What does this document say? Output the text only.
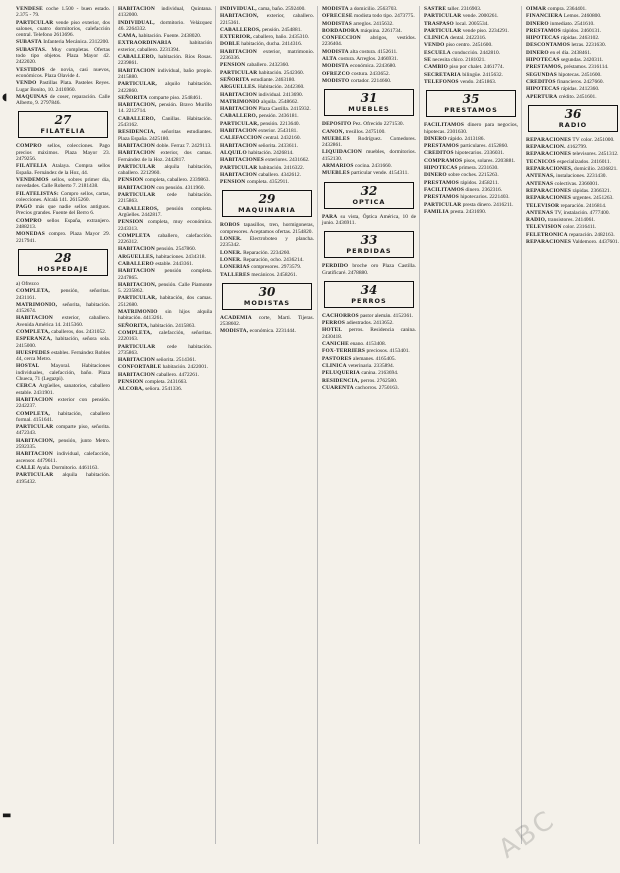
◖
▬
VENDESE coche 1.500 - buen estado. 2.375 - 79.
PARTICULAR vende piso exterior, dos salones, cuatro dormitorios, calefacción central. Telefono 2613696.
SUBASTA Infanteria Mecánica. 2312200.
SUBASTAS. Muy completas. Ofertas todo tipo objetos. Plaza Mayor 42. 2422020.
VESTIDOS de novia, casi nuevos, económicos. Plaza Olavide 4.
VENDO Pastillas Plata. Pasteles Reyes. Lugar Bonito, 10. 2416960.
MAQUINAS de coser, reparación. Calle Alberto, 9. 2797846.
27
FILATELIA
COMPRO sellos, colecciones. Pago precios máximos. Plaza Mayor 23. 2479256.
FILATELIA Atalaya. Compra sellos España. Fernández de la Hoz, 44.
VENDEMOS sellos, sobres primer día, novedades. Calle Roberto 7. 2181438.
FILATELISTAS: Compro sellos, cartas, colecciones. Alcalá 141. 2615260.
PAGO más que nadie sellos antiguos. Precios grandes. Fuente del Berro 6.
COMPRO sellos España, extranjero. 2488213.
MONEDAS compro. Plaza Mayor 29. 2217941.
28
HOSPEDAJE
a) Ofrezco
COMPLETA, pensión, señoritas. 2431161.
MATRIMONIO, señorita, habitación. 4152674.
HABITACION exterior, caballero. Avenida América 14. 2415360.
COMPLETA, caballeros, dos. 2431052.
ESPERANZA, habitación, señora sola. 2415000.
HUESPEDES estables. Fernández Robles 44, cerca Metro.
HOSTAL Mayoral. Habitaciones individuales, calefacción, baño. Plaza Chueca, 71 (Legazpi).
CERCA Argüelles, sanatorios, caballero estable. 2431901.
HABITACION exterior con pensión. 2242237.
COMPLETA, habitación, caballero formal. 4151641.
PARTICULAR comparte piso, señorita. 4472343.
HABITACION, pensión, junto Metro. 2592335.
HABITACION individual, calefacción, ascensor. 4479611.
CALLE Ayala. Dormitorio. 4461163.
PARTICULAR alquila habitación. 4195432.
HABITACION individual, Quintana. 4132000.
INDIVIDUAL, dormitorio. Velázquez 46. 2264332.
CAMA, habitación. Fuente. 2438020.
EXTRAORDINARIA	habitación exterior, caballero. 2231394.
CABALLERO, habitación. Ríos Rosas. 2239861.
HABITACION individual, baño propio. 2415880.
PARTICULAR, alquilo habitación. 2422860.
SEÑORITA comparte piso. 2548461.
HABITACION, pensión. Bravo Murillo 14. 2212714.
CABALLERO, Canillas. Habitación. 2543162.
RESIDENCIA, señoritas estudiantes. Plaza España. 2425180.
HABITACION doble. Ferraz 7. 2429113.
HABITACION exterior, dos camas. Fernández de la Hoz. 2442817.
PARTICULAR alquila habitación, caballero. 2212960.
PENSION completa, caballero. 2339863.
HABITACION con pensión. 4311960.
PARTICULAR cede habitación. 2215863.
CABALLEROS, pensión completa. Argüelles. 2442817.
PENSION completa, muy económica. 2243313.
COMPLETA caballero, calefacción. 2226312.
HABITACION pensión. 2547860.
ARGUELLES, habitaciones. 2434318.
CABALLERO estable. 2443361.
HABITACION pensión completa. 2247865.
HABITACION, pensión. Calle Piamonte 5. 2235862.
PARTICULAR, habitación, dos camas. 2512680.
MATRIMONIO sin hijos alquila habitación. 4413261.
SEÑORITA, habitación. 2415863.
COMPLETA, calefacción, señoritas. 2220163.
PARTICULAR cede habitación. 2735863.
HABITACION señorita. 2514361.
CONFORTABLE habitación. 2422001.
HABITACION caballero. 4472261.
PENSION completa. 2431663.
ALCOBA, señora. 2541336.
INDIVIDUAL, cama, baño. 2592400.
HABITACION, exterior, caballero. 2215361.
CABALLEROS, pensión. 2454881.
EXTERIOR, caballero, baño. 2435310.
DOBLE habitación, ducha. 2414316.
HABITACION exterior, matrimonio. 2236336.
PENSION caballero. 2432360.
PARTICULAR habitación. 2542360.
SEÑORITA estudiante. 2463180.
ARGUELLES. Habitación. 2442360.
HABITACION individual. 2413690.
MATRIMONIO alquila. 2548662.
HABITACION Plaza Castilla. 2415932.
CABALLERO, pensión. 2436181.
PARTICULAR, pensión. 2213640.
HABITACION exterior. 2543181.
CALEFACCION central. 2432160.
HABITACION señorita. 2433611.
ALQUILO habitación. 2426814.
HABITACIONES exteriores. 2431662.
PARTICULAR habitación. 2416322.
HABITACION caballero. 4342612.
PENSION completa. 4352911.
29
MAQUINARIA
ROBOS tapasillos, tren, hormigoneras, compresores. Aceptamos ofertas. 2154820.
LONER. Electroboteo y plancha. 2235342.
LONER. Reparación. 2234260.
LONER. Reparación, ocho. 2436214.
LONERIAS compresores. 2973579.
TALLERES mecánicos. 2458261.
30
MODISTAS
ACADEMIA corte, Marti. Tijeras. 2538602.
MODISTA, económica. 2231444.
MODISTA a domicilio. 2563703.
OFRECESE modista todo tipo. 2473775.
MODISTAS arreglos. 2415632.
BORDADORA máquina. 2261734.
CONFECCION abrigos, vestidos. 2236404.
MODISTA alta costura. 4152611.
ALTA costura. Arreglos. 2466931.
MODISTA económica. 2243680.
OFREZCO costura. 2433652.
MODISTO cortador. 2214660.
31
MUEBLES
DEPOSITO Pez. Ofrecido 2271530.
CANON, tresillos. 2475100.
MUEBLES Rodríguez. Comedores. 2432861.
LIQUIDACION muebles, dormitorios. 4152130.
ARMARIOS cocina. 2431660.
MUEBLES particular vende. 4154311.
32
OPTICA
PARA su vista, Óptica América, 10 de junio. 2436911.
33
PERDIDAS
PERDIDO broche oro Plaza Castilla. Gratificaré. 2478880.
34
PERROS
CACHORROS pastor alemán. 4152361.
PERROS adiestrados. 2413652.
HOTEL perros. Residencia canina. 2430418.
CANICHE enano. 4153408.
FOX-TERRIERS preciosos. 4153401.
PASTORES alemanes. 4165405.
CLINICA veterinaria. 2335894.
PELUQUERIA canina. 2163694.
RESIDENCIA, perros. 2762580.
CUARENTA cachorros. 2750163.
SASTRE taller. 2316903.
PARTICULAR vende. 2000261.
TRASPASO local. 2005534.
PARTICULAR vende piso. 2234291.
CLINICA dental. 2422316.
VENDO piso centro. 2451600.
ESCUELA conducción. 2442810.
SE necesita chico. 2181021.
CAMBIO piso por chalet. 2461774.
SECRETARIA bilingüe. 2415632.
TELEFONOS vendo. 2451863.
35
PRESTAMOS
FACILITAMOS dinero para negocios, hipotecas. 2301630.
DINERO rápido. 2413186.
PRESTAMOS particulares. 4152860.
CREDITOS hipotecarios. 2336031.
COMPRAMOS pisos, solares. 2203881.
HIPOTECAS primera. 2231630.
DINERO sobre coches. 2215263.
PRESTAMOS rápidos. 2458211.
FACILITAMOS dinero. 2362316.
PRESTAMOS hipotecarios. 2221403.
PARTICULAR presta dinero. 2416211.
FAMILIA presta. 2431690.
OIMAR compra. 2364401.
FINANCIERA Lemos. 2460800.
DINERO inmediato. 2541610.
PRESTAMOS rápidos. 2460131.
HIPOTECAS rápidas. 2463102.
DESCONTAMOS letras. 2231630.
DINERO en el día. 2438461.
HIPOTECAS segundas. 2420311.
PRESTAMOS, préstamos. 2316114.
SEGUNDAS hipotecas. 2451600.
CREDITOS financieros. 2427660.
HIPOTECAS rápidas. 2412360.
APERTURA crédito. 2451601.
36
RADIO
REPARACIONES TV color. 2451000.
REPARACION. 4162799.
REPARACIONES televisores. 2451312.
TECNICOS especializados. 2416011.
REPARACIONES, domicilio. 2436821.
ANTENAS, instalaciones. 2231430.
ANTENAS colectivas. 2366001.
REPARACIONES rápidas. 2366321.
REPARACIONES urgentes. 2451263.
TELEVISOR reparación. 2416814.
ANTENAS TV, instalación. 4777400.
RADIO, transistores. 2414061.
TELEVISION color. 2316411.
FELETRONICA reparación. 2482163.
REPARACIONES Valdemoro. 4437601.
ABC
